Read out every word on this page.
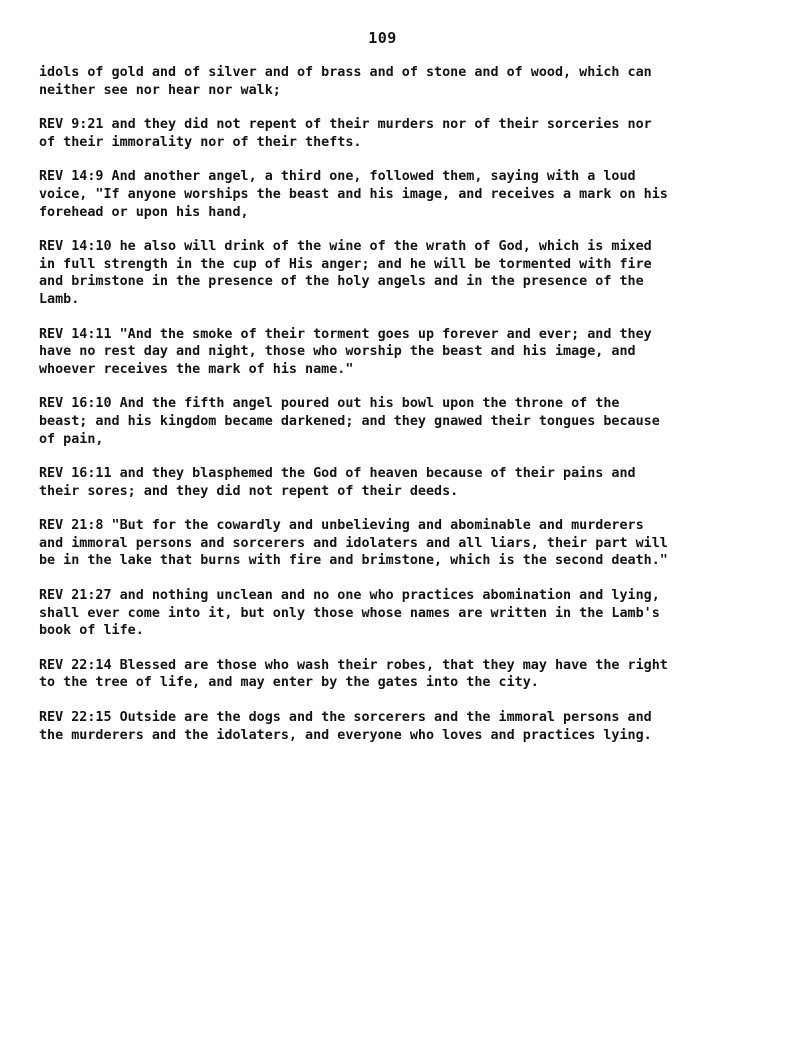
109
idols of gold and of silver and of brass and of stone and of wood, which can
neither see nor hear nor walk;
REV 9:21 and they did not repent of their murders nor of their sorceries nor
of their immorality nor of their thefts.
REV 14:9 And another angel, a third one, followed them, saying with a loud
voice, "If anyone worships the beast and his image, and receives a mark on his
forehead or upon his hand,
REV 14:10 he also will drink of the wine of the wrath of God, which is mixed
in full strength in the cup of His anger; and he will be tormented with fire
and brimstone in the presence of the holy angels and in the presence of the
Lamb.
REV 14:11 "And the smoke of their torment goes up forever and ever; and they
have no rest day and night, those who worship the beast and his image, and
whoever receives the mark of his name."
REV 16:10 And the fifth angel poured out his bowl upon the throne of the
beast; and his kingdom became darkened; and they gnawed their tongues because
of pain,
REV 16:11 and they blasphemed the God of heaven because of their pains and
their sores; and they did not repent of their deeds.
REV 21:8 "But for the cowardly and unbelieving and abominable and murderers
and immoral persons and sorcerers and idolaters and all liars, their part will
be in the lake that burns with fire and brimstone, which is the second death."
REV 21:27 and nothing unclean and no one who practices abomination and lying,
shall ever come into it, but only those whose names are written in the Lamb's
book of life.
REV 22:14 Blessed are those who wash their robes, that they may have the right
to the tree of life, and may enter by the gates into the city.
REV 22:15 Outside are the dogs and the sorcerers and the immoral persons and
the murderers and the idolaters, and everyone who loves and practices lying.
